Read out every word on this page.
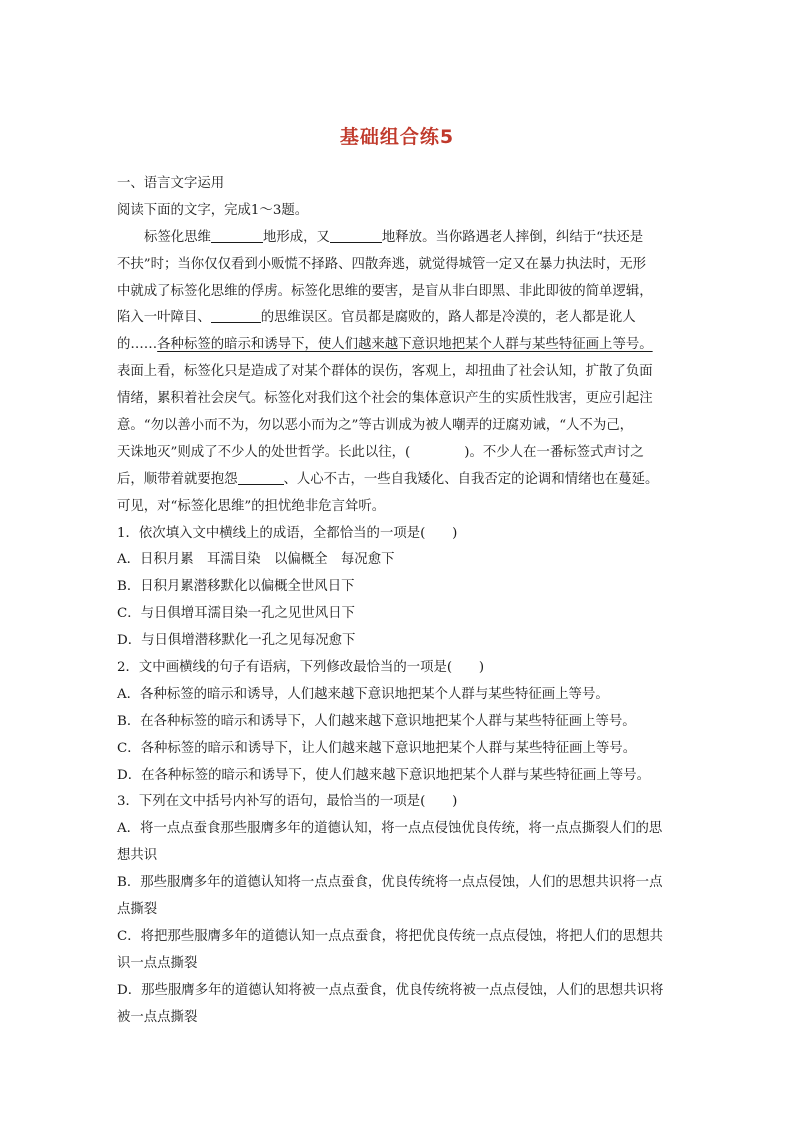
基础组合练5
一、语言文字运用
阅读下面的文字，完成1～3题。
标签化思维	地形成，又	地释放。当你路遇老人摔倒，纠结于“扶还是
不扶”时；当你仅仅看到小贩慌不择路、四散奔逃，就觉得城管一定又在暴力执法时，无形
中就成了标签化思维的俘虏。标签化思维的要害，是盲从非白即黑、非此即彼的简单逻辑，
陷入一叶障目、	的思维误区。官员都是腐败的，路人都是冷漠的，老人都是讹人
的……各种标签的暗示和诱导下，使人们越来越下意识地把某个人群与某些特征画上等号。
表面上看，标签化只是造成了对某个群体的误伤，客观上，却扭曲了社会认知，扩散了负面
情绪，累积着社会戾气。标签化对我们这个社会的集体意识产生的实质性戕害，更应引起注
意。“勿以善小而不为，勿以恶小而为之”等古训成为被人嘲弄的迂腐劝诫，“人不为己，
天诛地灭”则成了不少人的处世哲学。长此以往，(	)。不少人在一番标签式声讨之
后，顺带着就要抱怨	、人心不古，一些自我矮化、自我否定的论调和情绪也在蔓延。
可见，对“标签化思维”的担忧绝非危言耸听。
1．依次填入文中横线上的成语，全都恰当的一项是(　　)
A．日积月累　耳濡目染　以偏概全　每况愈下
B．日积月累潜移默化以偏概全世风日下
C．与日俱增耳濡目染一孔之见世风日下
D．与日俱增潜移默化一孔之见每况愈下
2．文中画横线的句子有语病，下列修改最恰当的一项是(　　)
A．各种标签的暗示和诱导，人们越来越下意识地把某个人群与某些特征画上等号。
B．在各种标签的暗示和诱导下，人们越来越下意识地把某个人群与某些特征画上等号。
C．各种标签的暗示和诱导下，让人们越来越下意识地把某个人群与某些特征画上等号。
D．在各种标签的暗示和诱导下，使人们越来越下意识地把某个人群与某些特征画上等号。
3．下列在文中括号内补写的语句，最恰当的一项是(　　)
A．将一点点蚕食那些服膺多年的道德认知，将一点点侵蚀优良传统，将一点点撕裂人们的思
想共识
B．那些服膺多年的道德认知将一点点蚕食，优良传统将一点点侵蚀，人们的思想共识将一点
点撕裂
C．将把那些服膺多年的道德认知一点点蚕食，将把优良传统一点点侵蚀，将把人们的思想共
识一点点撕裂
D．那些服膺多年的道德认知将被一点点蚕食，优良传统将被一点点侵蚀，人们的思想共识将
被一点点撕裂
